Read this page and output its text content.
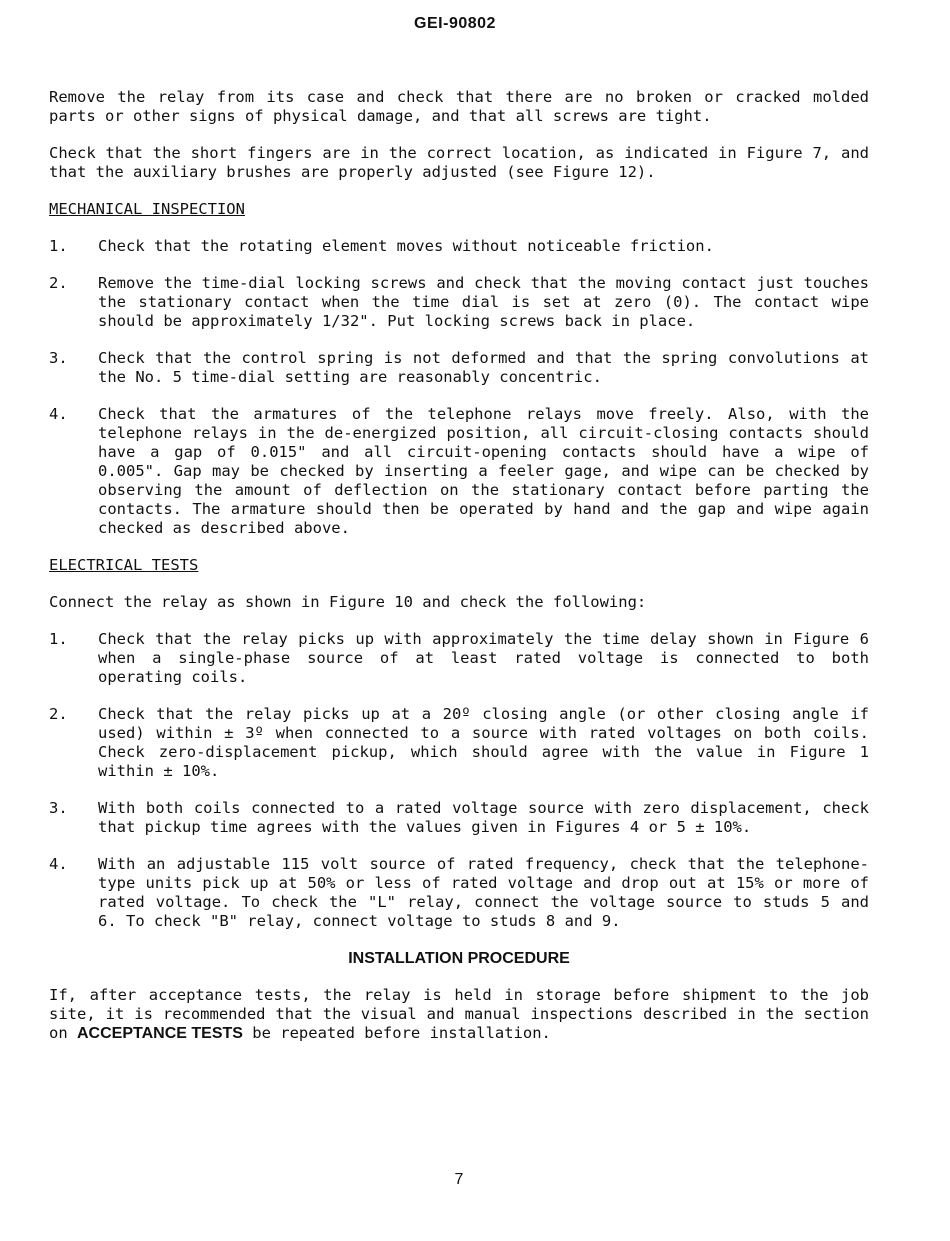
GEI-90802

Remove the relay from its case and check that there are no broken or cracked molded parts or other signs of physical damage, and that all screws are tight.

Check that the short fingers are in the correct location, as indicated in Figure 7, and that the auxiliary brushes are properly adjusted (see Figure 12).

MECHANICAL INSPECTION
1. Check that the rotating element moves without noticeable friction.
2. Remove the time-dial locking screws and check that the moving contact just touches the stationary contact when the time dial is set at zero (0). The contact wipe should be approximately 1/32". Put locking screws back in place.
3. Check that the control spring is not deformed and that the spring convolutions at the No. 5 time-dial setting are reasonably concentric.
4. Check that the armatures of the telephone relays move freely. Also, with the telephone relays in the de-energized position, all circuit-closing contacts should have a gap of 0.015" and all circuit-opening contacts should have a wipe of 0.005". Gap may be checked by inserting a feeler gage, and wipe can be checked by observing the amount of deflection on the stationary contact before parting the contacts. The armature should then be operated by hand and the gap and wipe again checked as described above.
ELECTRICAL TESTS

Connect the relay as shown in Figure 10 and check the following:

1. Check that the relay picks up with approximately the time delay shown in Figure 6 when a single-phase source of at least rated voltage is connected to both operating coils.
2. Check that the relay picks up at a 20º closing angle (or other closing angle if used) within ± 3º when connected to a source with rated voltages on both coils. Check zero-displacement pickup, which should agree with the value in Figure 1 within ± 10%.
3. With both coils connected to a rated voltage source with zero displacement, check that pickup time agrees with the values given in Figures 4 or 5 ± 10%.
4. With an adjustable 115 volt source of rated frequency, check that the telephone-type units pick up at 50% or less of rated voltage and drop out at 15% or more of rated voltage. To check the "L" relay, connect the voltage source to studs 5 and 6. To check "B" relay, connect voltage to studs 8 and 9.
INSTALLATION PROCEDURE

If, after acceptance tests, the relay is held in storage before shipment to the job site, it is recommended that the visual and manual inspections described in the section on ACCEPTANCE TESTS be repeated before installation.

7
